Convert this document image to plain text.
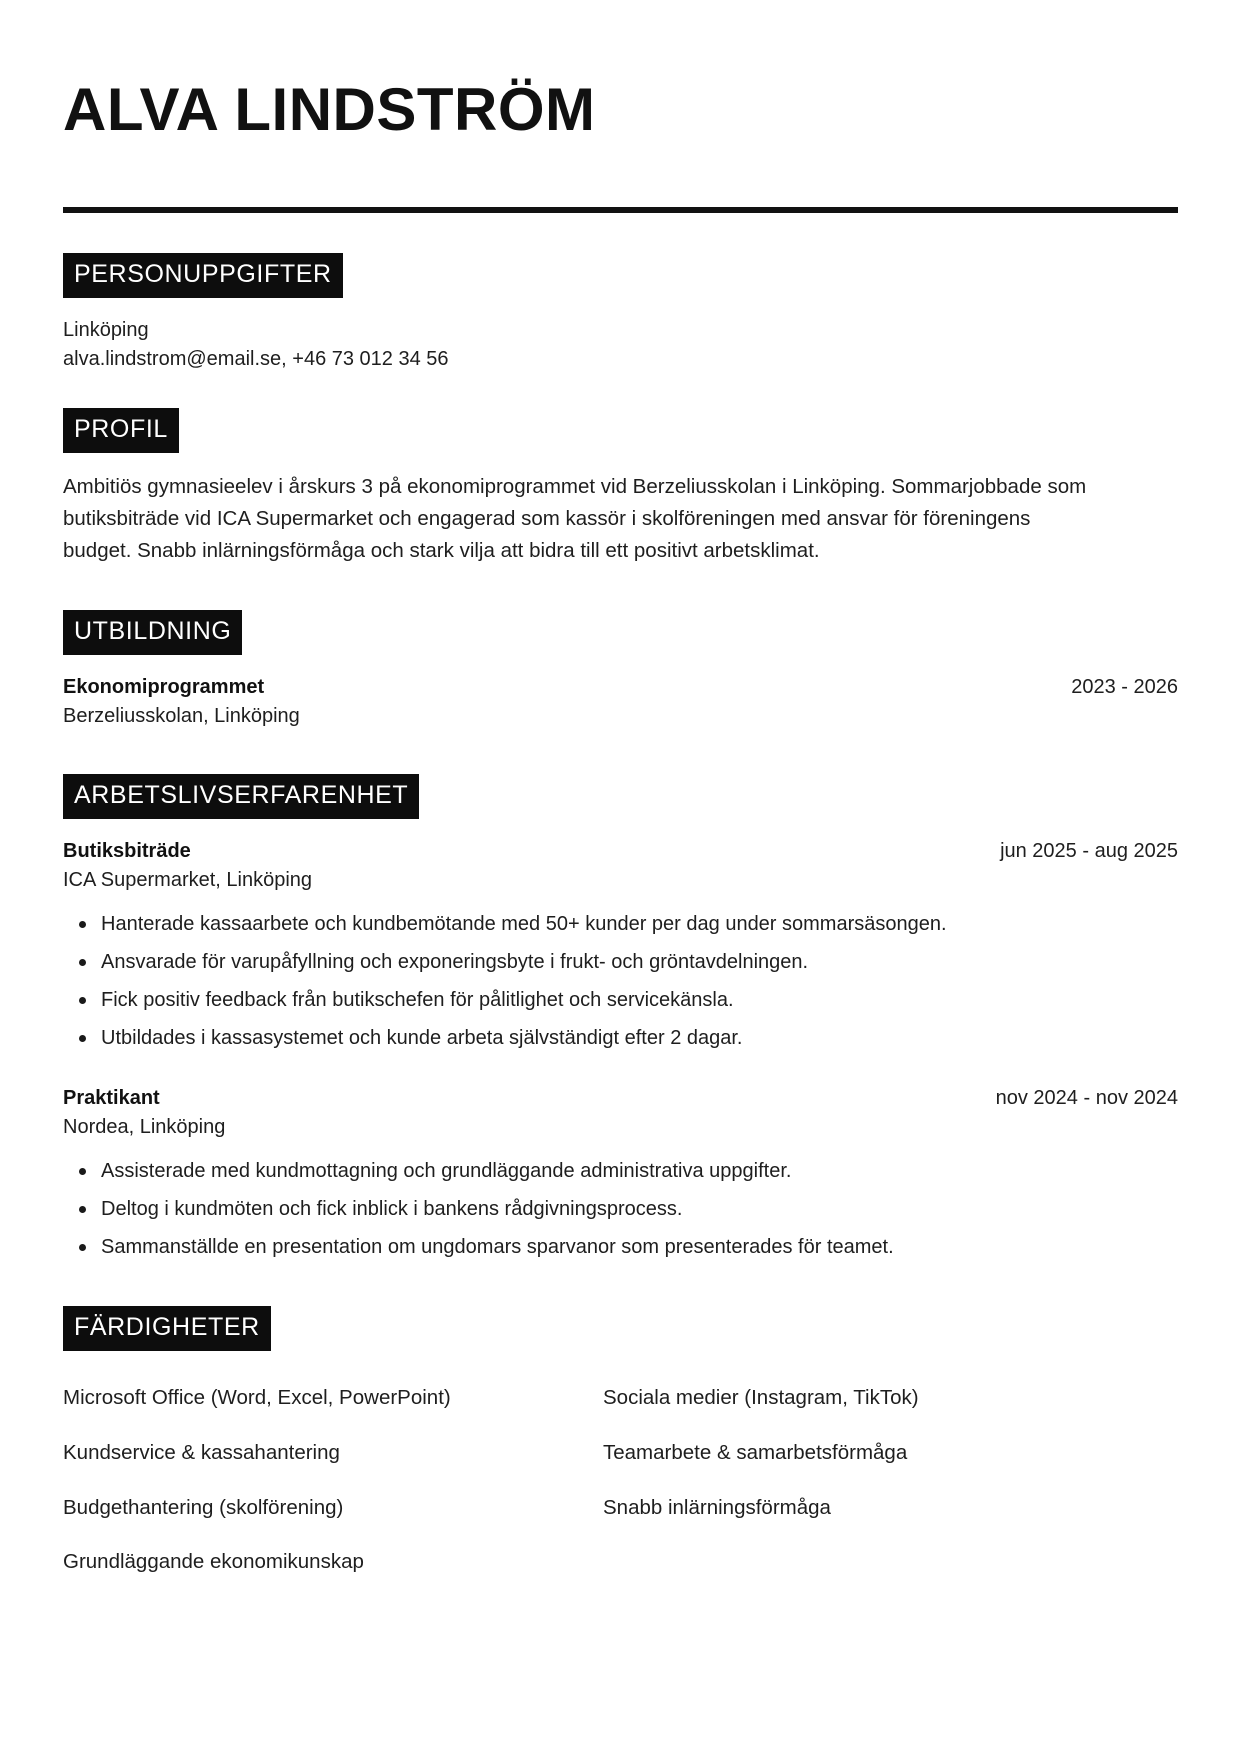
ALVA LINDSTRÖM
PERSONUPPGIFTER

Linköping

alva.lindstrom@email.se, +46 73 012 34 56

PROFIL

Ambitiös gymnasieelev i årskurs 3 på ekonomiprogrammet vid Berzeliusskolan i Linköping. Sommarjobbade som butiksbiträde vid ICA Supermarket och engagerad som kassör i skolföreningen med ansvar för föreningens budget. Snabb inlärningsförmåga och stark vilja att bidra till ett positivt arbetsklimat.

UTBILDNING
Ekonomiprogrammet	2023 - 2026
Berzeliusskolan, Linköping
ARBETSLIVSERFARENHET
Butiksbiträde	jun 2025 - aug 2025
ICA Supermarket, Linköping
Hanterade kassaarbete och kundbemötande med 50+ kunder per dag under sommarsäsongen.
Ansvarade för varupåfyllning och exponeringsbyte i frukt- och gröntavdelningen.
Fick positiv feedback från butikschefen för pålitlighet och servicekänsla.
Utbildades i kassasystemet och kunde arbeta självständigt efter 2 dagar.
Praktikant	nov 2024 - nov 2024
Nordea, Linköping
Assisterade med kundmottagning och grundläggande administrativa uppgifter.
Deltog i kundmöten och fick inblick i bankens rådgivningsprocess.
Sammanställde en presentation om ungdomars sparvanor som presenterades för teamet.
FÄRDIGHETER
Microsoft Office (Word, Excel, PowerPoint)	Sociala medier (Instagram, TikTok)
Kundservice & kassahantering	Teamarbete & samarbetsförmåga
Budgethantering (skolförening)	Snabb inlärningsförmåga
Grundläggande ekonomikunskap
